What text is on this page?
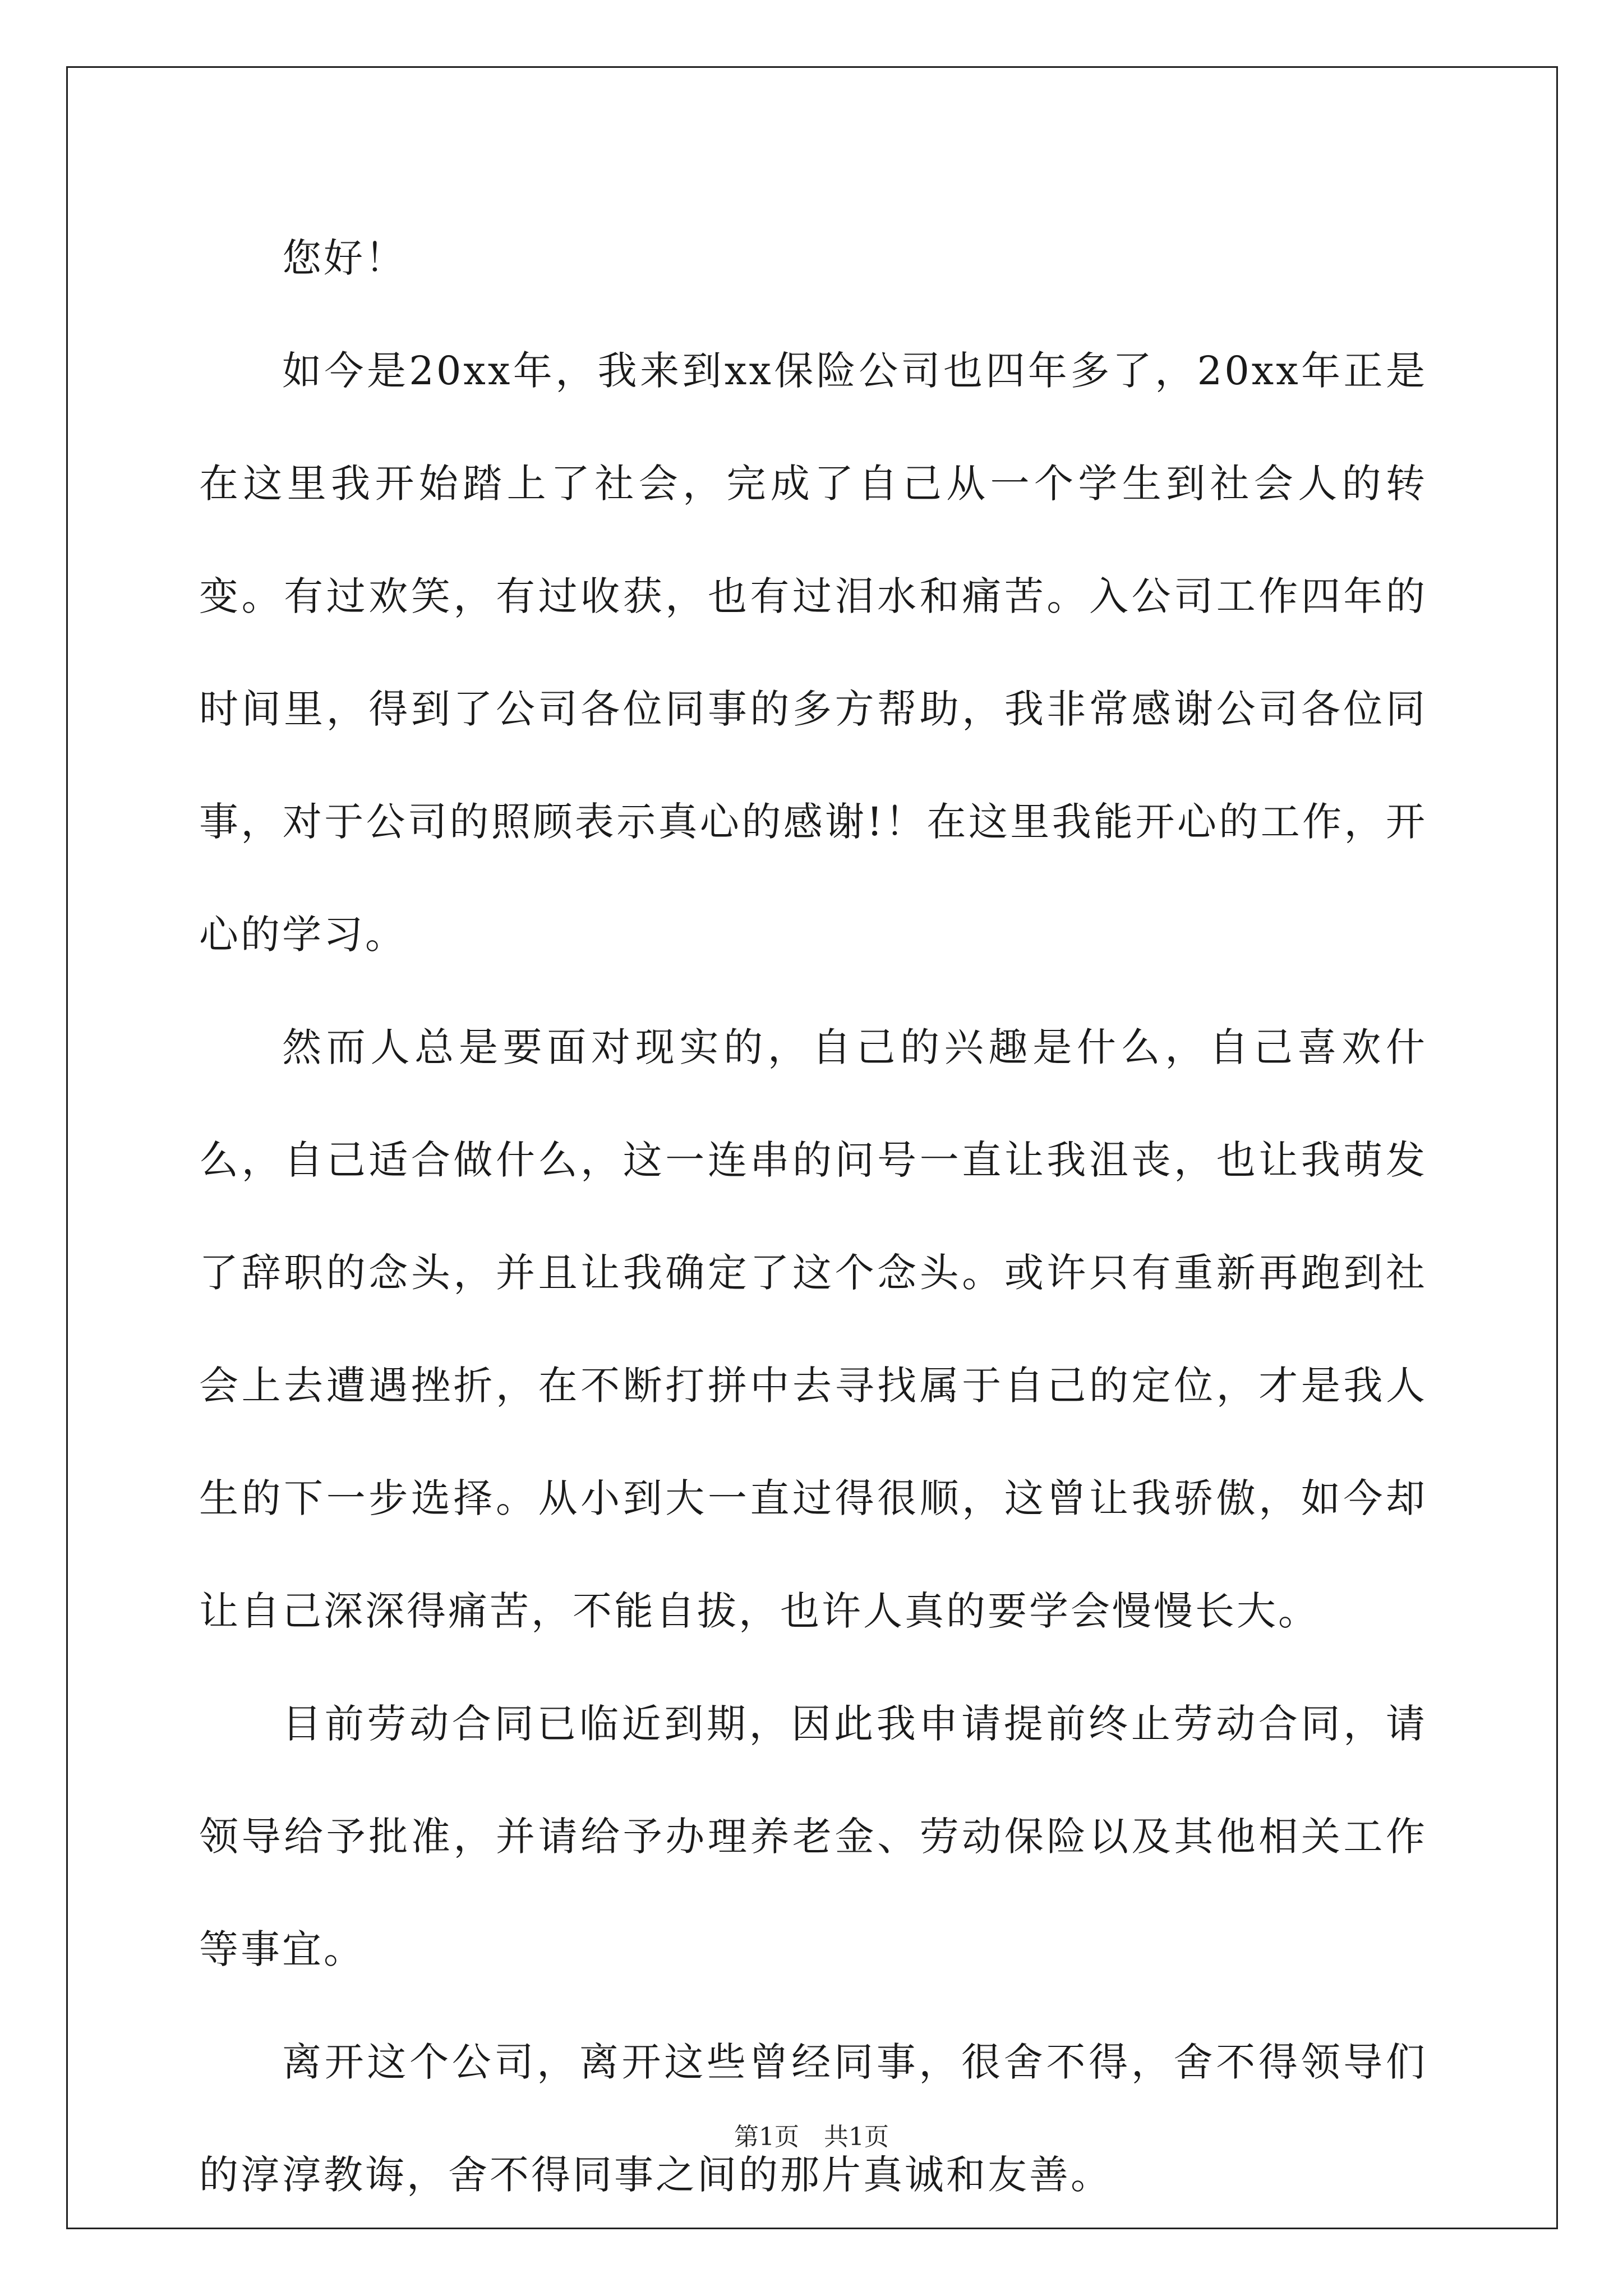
您好！

如今是20xx年，我来到xx保险公司也四年多了，20xx年正是在这里我开始踏上了社会，完成了自己从一个学生到社会人的转变。有过欢笑，有过收获，也有过泪水和痛苦。入公司工作四年的时间里，得到了公司各位同事的多方帮助，我非常感谢公司各位同事，对于公司的照顾表示真心的感谢!！在这里我能开心的工作，开心的学习。

然而人总是要面对现实的，自己的兴趣是什么，自己喜欢什么，自己适合做什么，这一连串的问号一直让我沮丧，也让我萌发了辞职的念头，并且让我确定了这个念头。或许只有重新再跑到社会上去遭遇挫折，在不断打拼中去寻找属于自己的定位，才是我人生的下一步选择。从小到大一直过得很顺，这曾让我骄傲，如今却让自己深深得痛苦，不能自拔，也许人真的要学会慢慢长大。

目前劳动合同已临近到期，因此我申请提前终止劳动合同，请领导给予批准，并请给予办理养老金、劳动保险以及其他相关工作等事宜。

离开这个公司，离开这些曾经同事，很舍不得，舍不得领导们的淳淳教诲，舍不得同事之间的那片真诚和友善。

第1页　共1页
